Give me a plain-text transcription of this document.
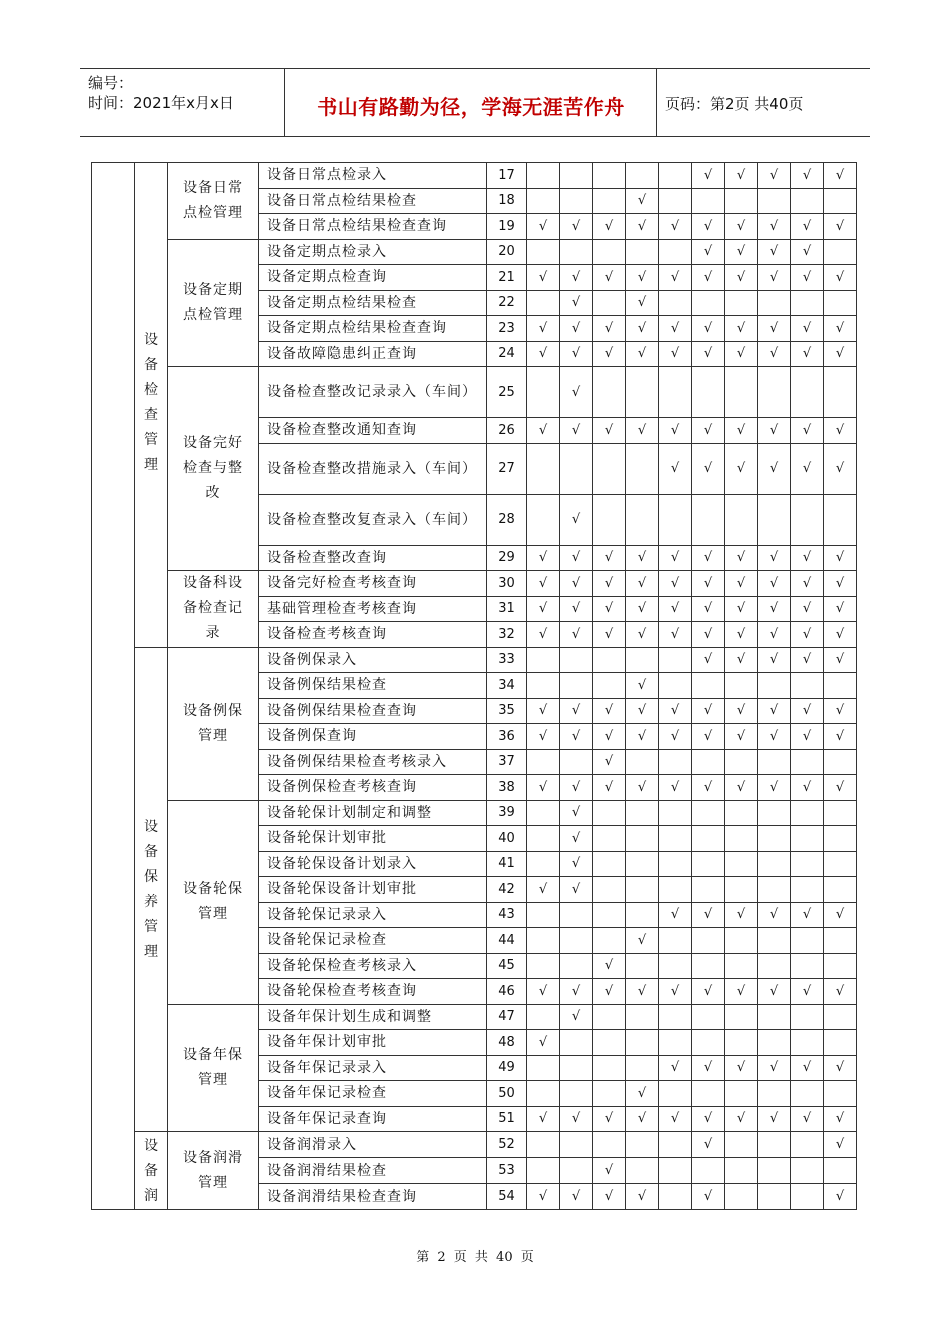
编号：
时间：2021年x月x日	书山有路勤为径，学海无涯苦作舟	页码：第2页 共40页

	设备检查管理	设备日常点检管理	设备日常点检录入	17						√	√	√	√	√
			设备日常点检结果检查	18				√						
			设备日常点检结果检查查询	19	√	√	√	√	√	√	√	√	√	√
		设备定期点检管理	设备定期点检录入	20						√	√	√	√	
			设备定期点检查询	21	√	√	√	√	√	√	√	√	√	√
			设备定期点检结果检查	22		√		√						
			设备定期点检结果检查查询	23	√	√	√	√	√	√	√	√	√	√
			设备故障隐患纠正查询	24	√	√	√	√	√	√	√	√	√	√
		设备完好检查与整改	设备检查整改记录录入（车间）	25		√								
			设备检查整改通知查询	26	√	√	√	√	√	√	√	√	√	√
			设备检查整改措施录入（车间）	27					√	√	√	√	√	√
			设备检查整改复查录入（车间）	28		√								
			设备检查整改查询	29	√	√	√	√	√	√	√	√	√	√
		设备科设备检查记录	设备完好检查考核查询	30	√	√	√	√	√	√	√	√	√	√
			基础管理检查考核查询	31	√	√	√	√	√	√	√	√	√	√
			设备检查考核查询	32	√	√	√	√	√	√	√	√	√	√

	设备保养管理	设备例保管理	设备例保录入	33						√	√	√	√	√
			设备例保结果检查	34				√						
			设备例保结果检查查询	35	√	√	√	√	√	√	√	√	√	√
			设备例保查询	36	√	√	√	√	√	√	√	√	√	√
			设备例保结果检查考核录入	37			√							
			设备例保检查考核查询	38	√	√	√	√	√	√	√	√	√	√
		设备轮保管理	设备轮保计划制定和调整	39		√								
			设备轮保计划审批	40		√								
			设备轮保设备计划录入	41		√								
			设备轮保设备计划审批	42	√	√								
			设备轮保记录录入	43					√	√	√	√	√	√
			设备轮保记录检查	44				√						
			设备轮保检查考核录入	45			√							
			设备轮保检查考核查询	46	√	√	√	√	√	√	√	√	√	√
		设备年保管理	设备年保计划生成和调整	47		√								
			设备年保计划审批	48	√									
			设备年保记录录入	49					√	√	√	√	√	√
			设备年保记录检查	50				√						
			设备年保记录查询	51	√	√	√	√	√	√	√	√	√	√

	设备润	设备润滑管理	设备润滑录入	52						√				√
			设备润滑结果检查	53			√							
			设备润滑结果检查查询	54	√	√	√	√		√				√
第 2 页 共 40 页
